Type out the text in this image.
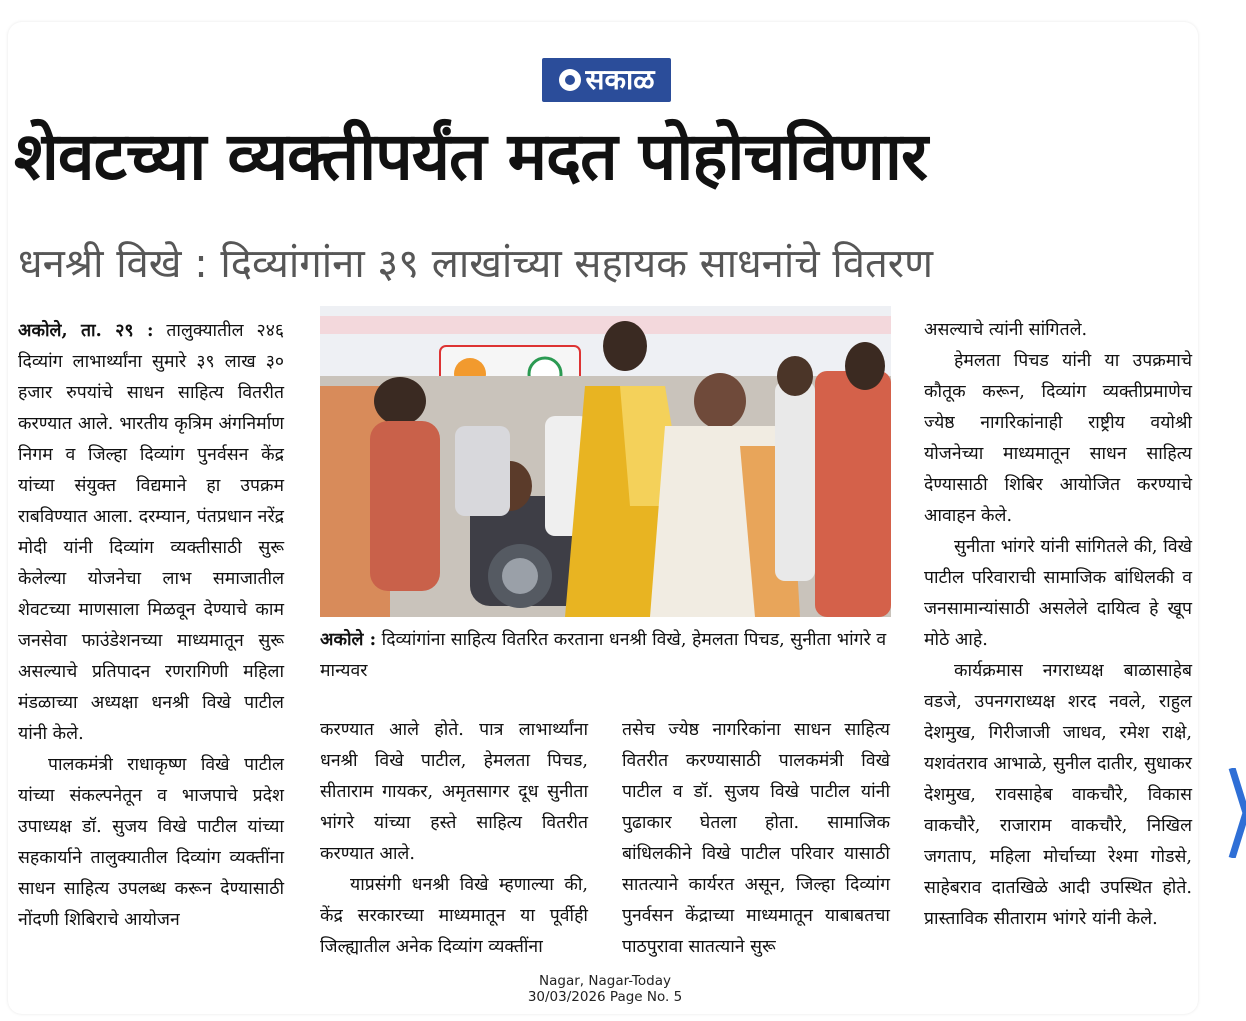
सकाळ
शेवटच्या व्यक्तीपर्यंत मदत पोहोचविणार
धनश्री विखे : दिव्यांगांना ३९ लाखांच्या सहायक साधनांचे वितरण

अकोले, ता. २९ : तालुक्यातील २४६ दिव्यांग लाभार्थ्यांना सुमारे ३९ लाख ३० हजार रुपयांचे साधन साहित्य वितरीत करण्यात आले. भारतीय कृत्रिम अंगनिर्माण निगम व जिल्हा दिव्यांग पुनर्वसन केंद्र यांच्या संयुक्त विद्यमाने हा उपक्रम राबविण्यात आला. दरम्यान, पंतप्रधान नरेंद्र मोदी यांनी दिव्यांग व्यक्तीसाठी सुरू केलेल्या योजनेचा लाभ समाजातील शेवटच्या माणसाला मिळवून देण्याचे काम जनसेवा फाउंडेशनच्या माध्यमातून सुरू असल्याचे प्रतिपादन रणरागिणी महिला मंडळाच्या अध्यक्षा धनश्री विखे पाटील यांनी केले.

पालकमंत्री राधाकृष्ण विखे पाटील यांच्या संकल्पनेतून व भाजपाचे प्रदेश उपाध्यक्ष डॉ. सुजय विखे पाटील यांच्या सहकार्याने तालुक्यातील दिव्यांग व्यक्तींना साधन साहित्य उपलब्ध करून देण्यासाठी नोंदणी शिबिराचे आयोजन

अकोले : दिव्यांगांना साहित्य वितरित करताना धनश्री विखे, हेमलता पिचड, सुनीता भांगरे व मान्यवर

करण्यात आले होते. पात्र लाभार्थ्यांना धनश्री विखे पाटील, हेमलता पिचड, सीताराम गायकर, अमृतसागर दूध सुनीता भांगरे यांच्या हस्ते साहित्य वितरीत करण्यात आले.

याप्रसंगी धनश्री विखे म्हणाल्या की, केंद्र सरकारच्या माध्यमातून या पूर्वीही जिल्ह्यातील अनेक दिव्यांग व्यक्तींना

तसेच ज्येष्ठ नागरिकांना साधन साहित्य वितरीत करण्यासाठी पालकमंत्री विखे पाटील व डॉ. सुजय विखे पाटील यांनी पुढाकार घेतला होता. सामाजिक बांधिलकीने विखे पाटील परिवार यासाठी सातत्याने कार्यरत असून, जिल्हा दिव्यांग पुनर्वसन केंद्राच्या माध्यमातून याबाबतचा पाठपुरावा सातत्याने सुरू

असल्याचे त्यांनी सांगितले.

हेमलता पिचड यांनी या उपक्रमाचे कौतूक करून, दिव्यांग व्यक्तीप्रमाणेच ज्येष्ठ नागरिकांनाही राष्ट्रीय वयोश्री योजनेच्या माध्यमातून साधन साहित्य देण्यासाठी शिबिर आयोजित करण्याचे आवाहन केले.

सुनीता भांगरे यांनी सांगितले की, विखे पाटील परिवाराची सामाजिक बांधिलकी व जनसामान्यांसाठी असलेले दायित्व हे खूप मोठे आहे.

कार्यक्रमास नगराध्यक्ष बाळासाहेब वडजे, उपनगराध्यक्ष शरद नवले, राहुल देशमुख, गिरीजाजी जाधव, रमेश राक्षे, यशवंतराव आभाळे, सुनील दातीर, सुधाकर देशमुख, रावसाहेब वाकचौरे, विकास वाकचौरे, राजाराम वाकचौरे, निखिल जगताप, महिला मोर्चाच्या रेश्मा गोडसे, साहेबराव दातखिळे आदी उपस्थित होते. प्रास्ताविक सीताराम भांगरे यांनी केले.

Nagar, Nagar-Today
30/03/2026 Page No. 5
